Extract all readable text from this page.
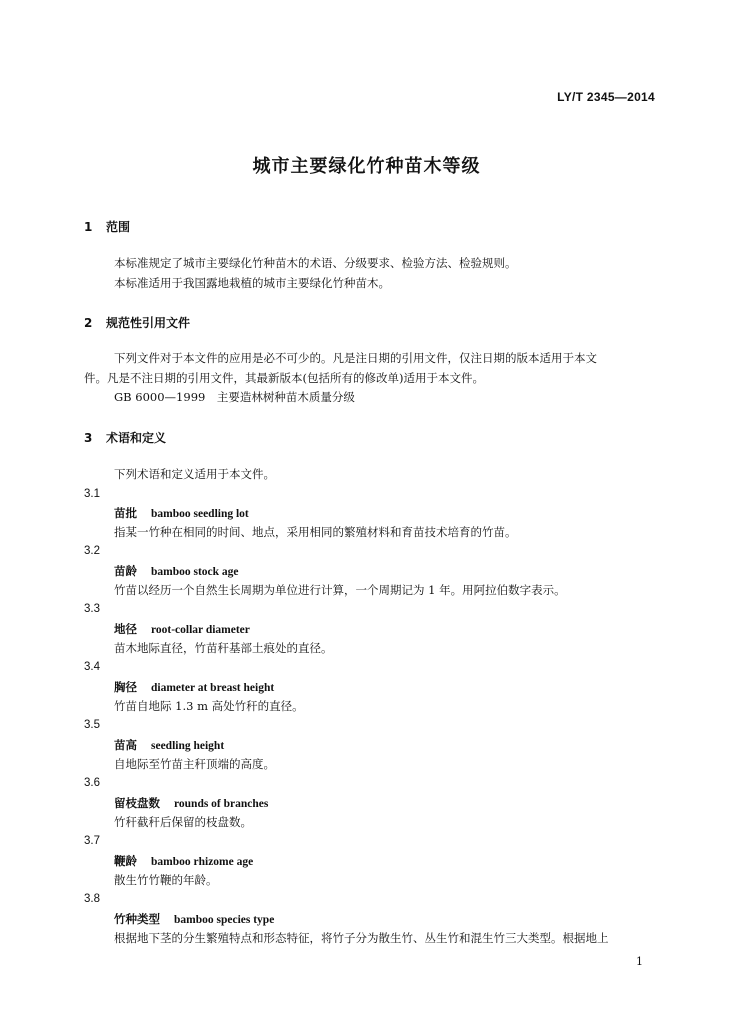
LY/T 2345—2014
城市主要绿化竹种苗木等级
1 范围
本标准规定了城市主要绿化竹种苗木的术语、分级要求、检验方法、检验规则。
本标准适用于我国露地栽植的城市主要绿化竹种苗木。
2 规范性引用文件
下列文件对于本文件的应用是必不可少的。凡是注日期的引用文件，仅注日期的版本适用于本文
件。凡是不注日期的引用文件，其最新版本(包括所有的修改单)适用于本文件。
GB 6000—1999　主要造林树种苗木质量分级
3 术语和定义
下列术语和定义适用于本文件。
3.1
苗批 bamboo seedling lot
指某一竹种在相同的时间、地点，采用相同的繁殖材料和育苗技术培育的竹苗。
3.2
苗龄 bamboo stock age
竹苗以经历一个自然生长周期为单位进行计算，一个周期记为 1 年。用阿拉伯数字表示。
3.3
地径 root-collar diameter
苗木地际直径，竹苗秆基部土痕处的直径。
3.4
胸径 diameter at breast height
竹苗自地际 1.3 m 高处竹秆的直径。
3.5
苗高 seedling height
自地际至竹苗主秆顶端的高度。
3.6
留枝盘数 rounds of branches
竹秆截秆后保留的枝盘数。
3.7
鞭龄 bamboo rhizome age
散生竹竹鞭的年龄。
3.8
竹种类型 bamboo species type
根据地下茎的分生繁殖特点和形态特征，将竹子分为散生竹、丛生竹和混生竹三大类型。根据地上
1
